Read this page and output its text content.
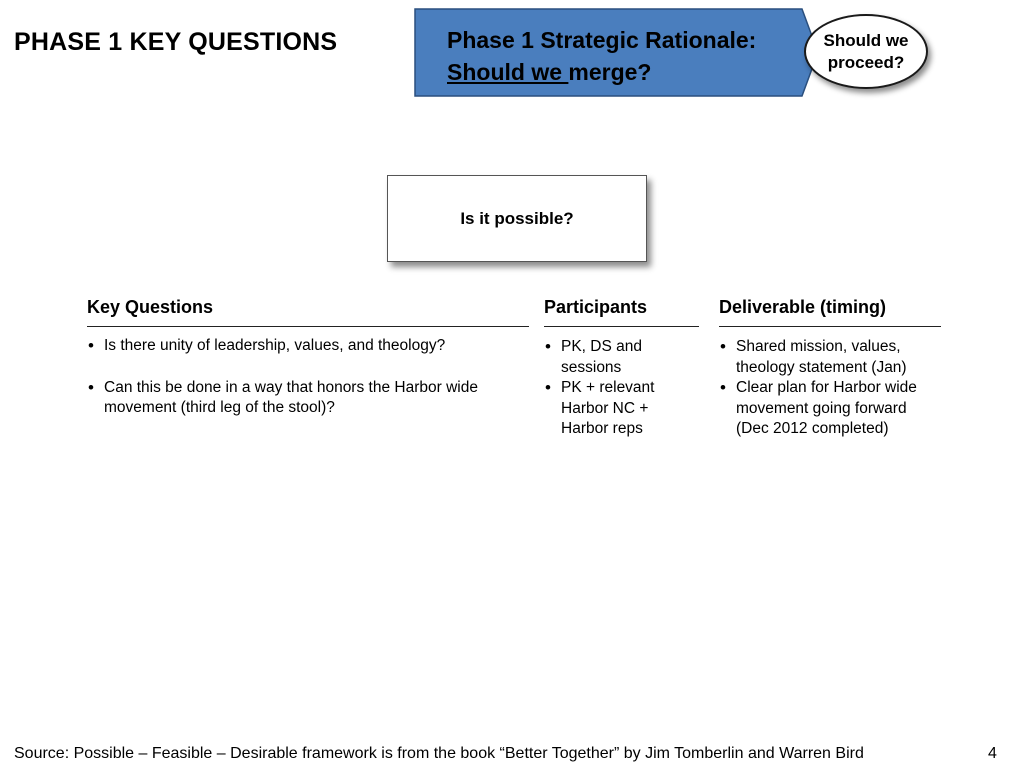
PHASE 1 KEY QUESTIONS	Phase 1 Strategic Rationale:
Should we merge?
Should we
proceed?
Is it possible?
Key Questions
• Is there unity of leadership, values, and theology?
• Can this be done in a way that honors the Harbor wide movement (third leg of the stool)?
Participants
• PK, DS and sessions
• PK + relevant Harbor NC + Harbor reps
Deliverable (timing)
• Shared mission, values, theology statement (Jan)
• Clear plan for Harbor wide movement going forward (Dec 2012 completed)
Source: Possible – Feasible – Desirable framework is from the book “Better Together” by Jim Tomberlin and Warren Bird	4
